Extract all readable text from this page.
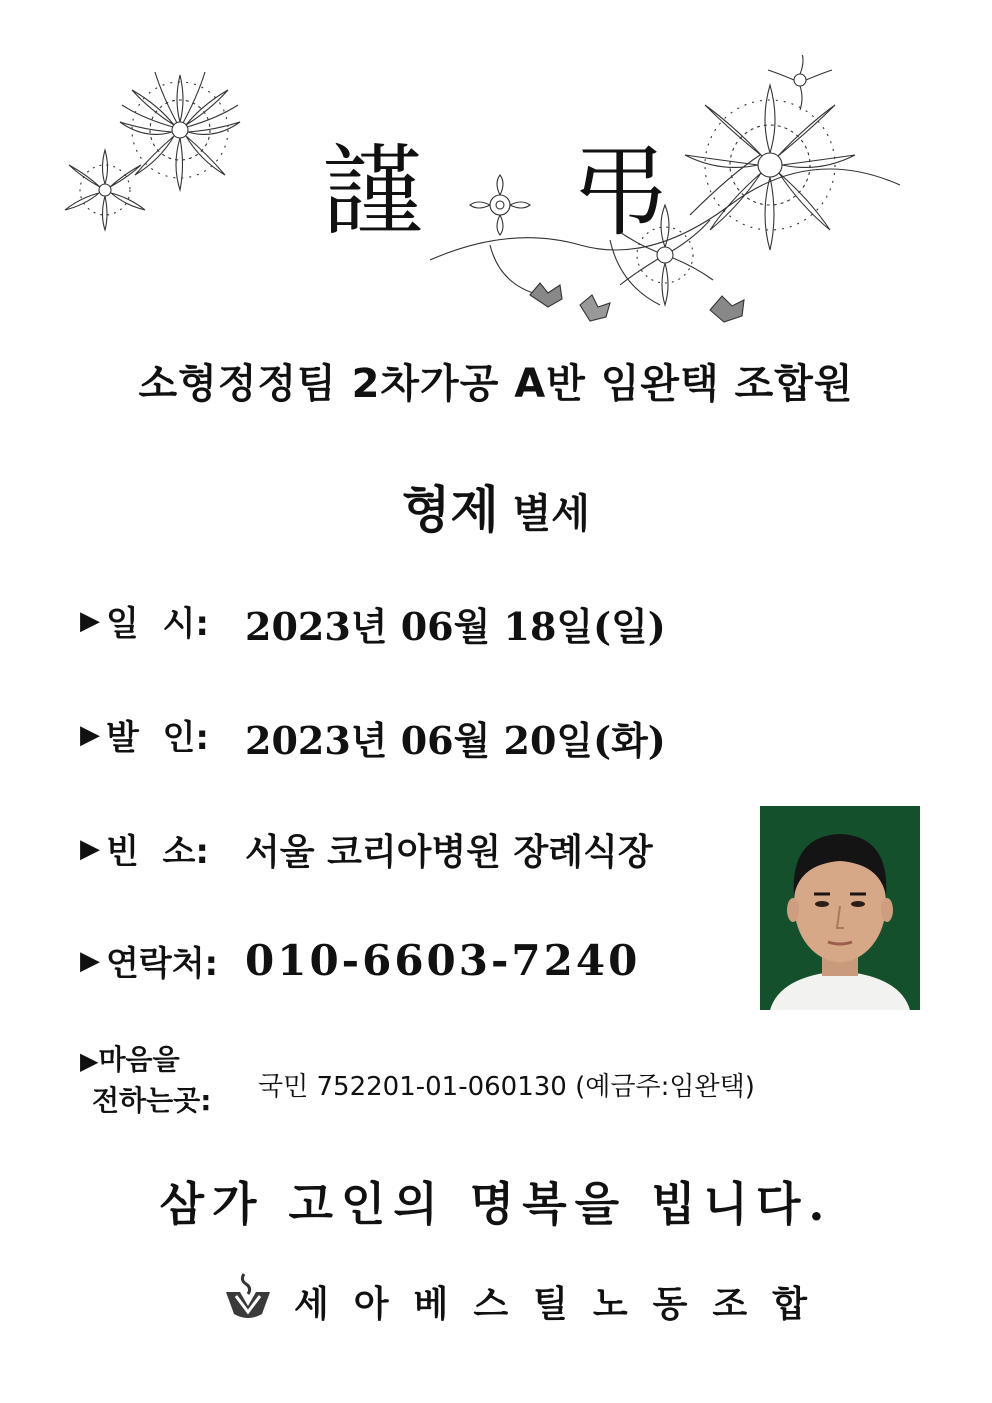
謹 弔
소형정정팀 2차가공 A반 임완택 조합원
형제 별세
▶ 일  시: 2023년 06월 18일(일)
▶ 발  인: 2023년 06월 20일(화)
▶ 빈  소: 서울 코리아병원 장례식장
▶ 연락처: 010-6603-7240
▶마음을
전하는곳: 국민 752201-01-060130 (예금주:임완택)
삼가 고인의 명복을 빕니다.
세아베스틸노동조합
